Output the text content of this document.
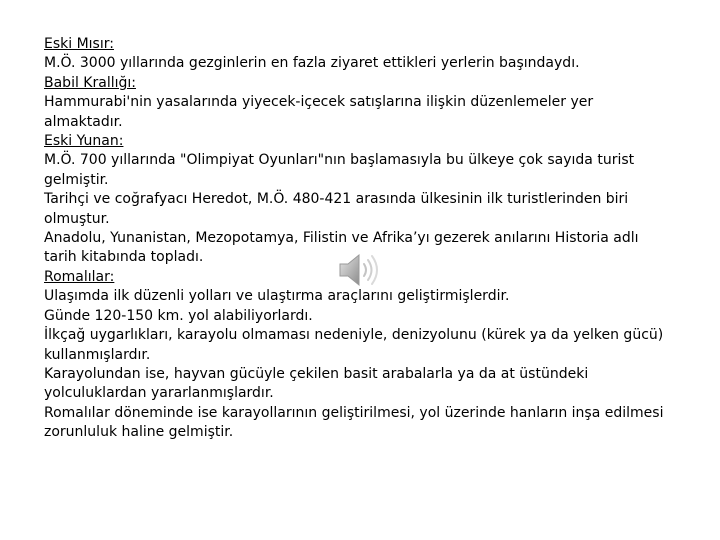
Eski Mısır:
M.Ö. 3000 yıllarında gezginlerin en fazla ziyaret ettikleri yerlerin başındaydı.
Babil Krallığı:
Hammurabi'nin yasalarında yiyecek-içecek satışlarına ilişkin düzenlemeler yer almaktadır.
Eski Yunan:
M.Ö. 700 yıllarında "Olimpiyat Oyunları"nın başlamasıyla bu ülkeye çok sayıda turist gelmiştir.
Tarihçi ve coğrafyacı Heredot, M.Ö. 480-421 arasında ülkesinin ilk turistlerinden biri olmuştur.
Anadolu, Yunanistan, Mezopotamya, Filistin ve Afrika’yı gezerek anılarını Historia adlı tarih kitabında topladı.
Romalılar:
Ulaşımda ilk düzenli yolları ve ulaştırma araçlarını geliştirmişlerdir.
Günde 120-150 km. yol alabiliyorlardı.
İlkçağ uygarlıkları, karayolu olmaması nedeniyle, denizyolunu (kürek ya da yelken gücü) kullanmışlardır.
Karayolundan ise, hayvan gücüyle çekilen basit arabalarla ya da at üstündeki yolculuklardan yararlanmışlardır.
Romalılar döneminde ise karayollarının geliştirilmesi, yol üzerinde hanların inşa edilmesi zorunluluk haline gelmiştir.
